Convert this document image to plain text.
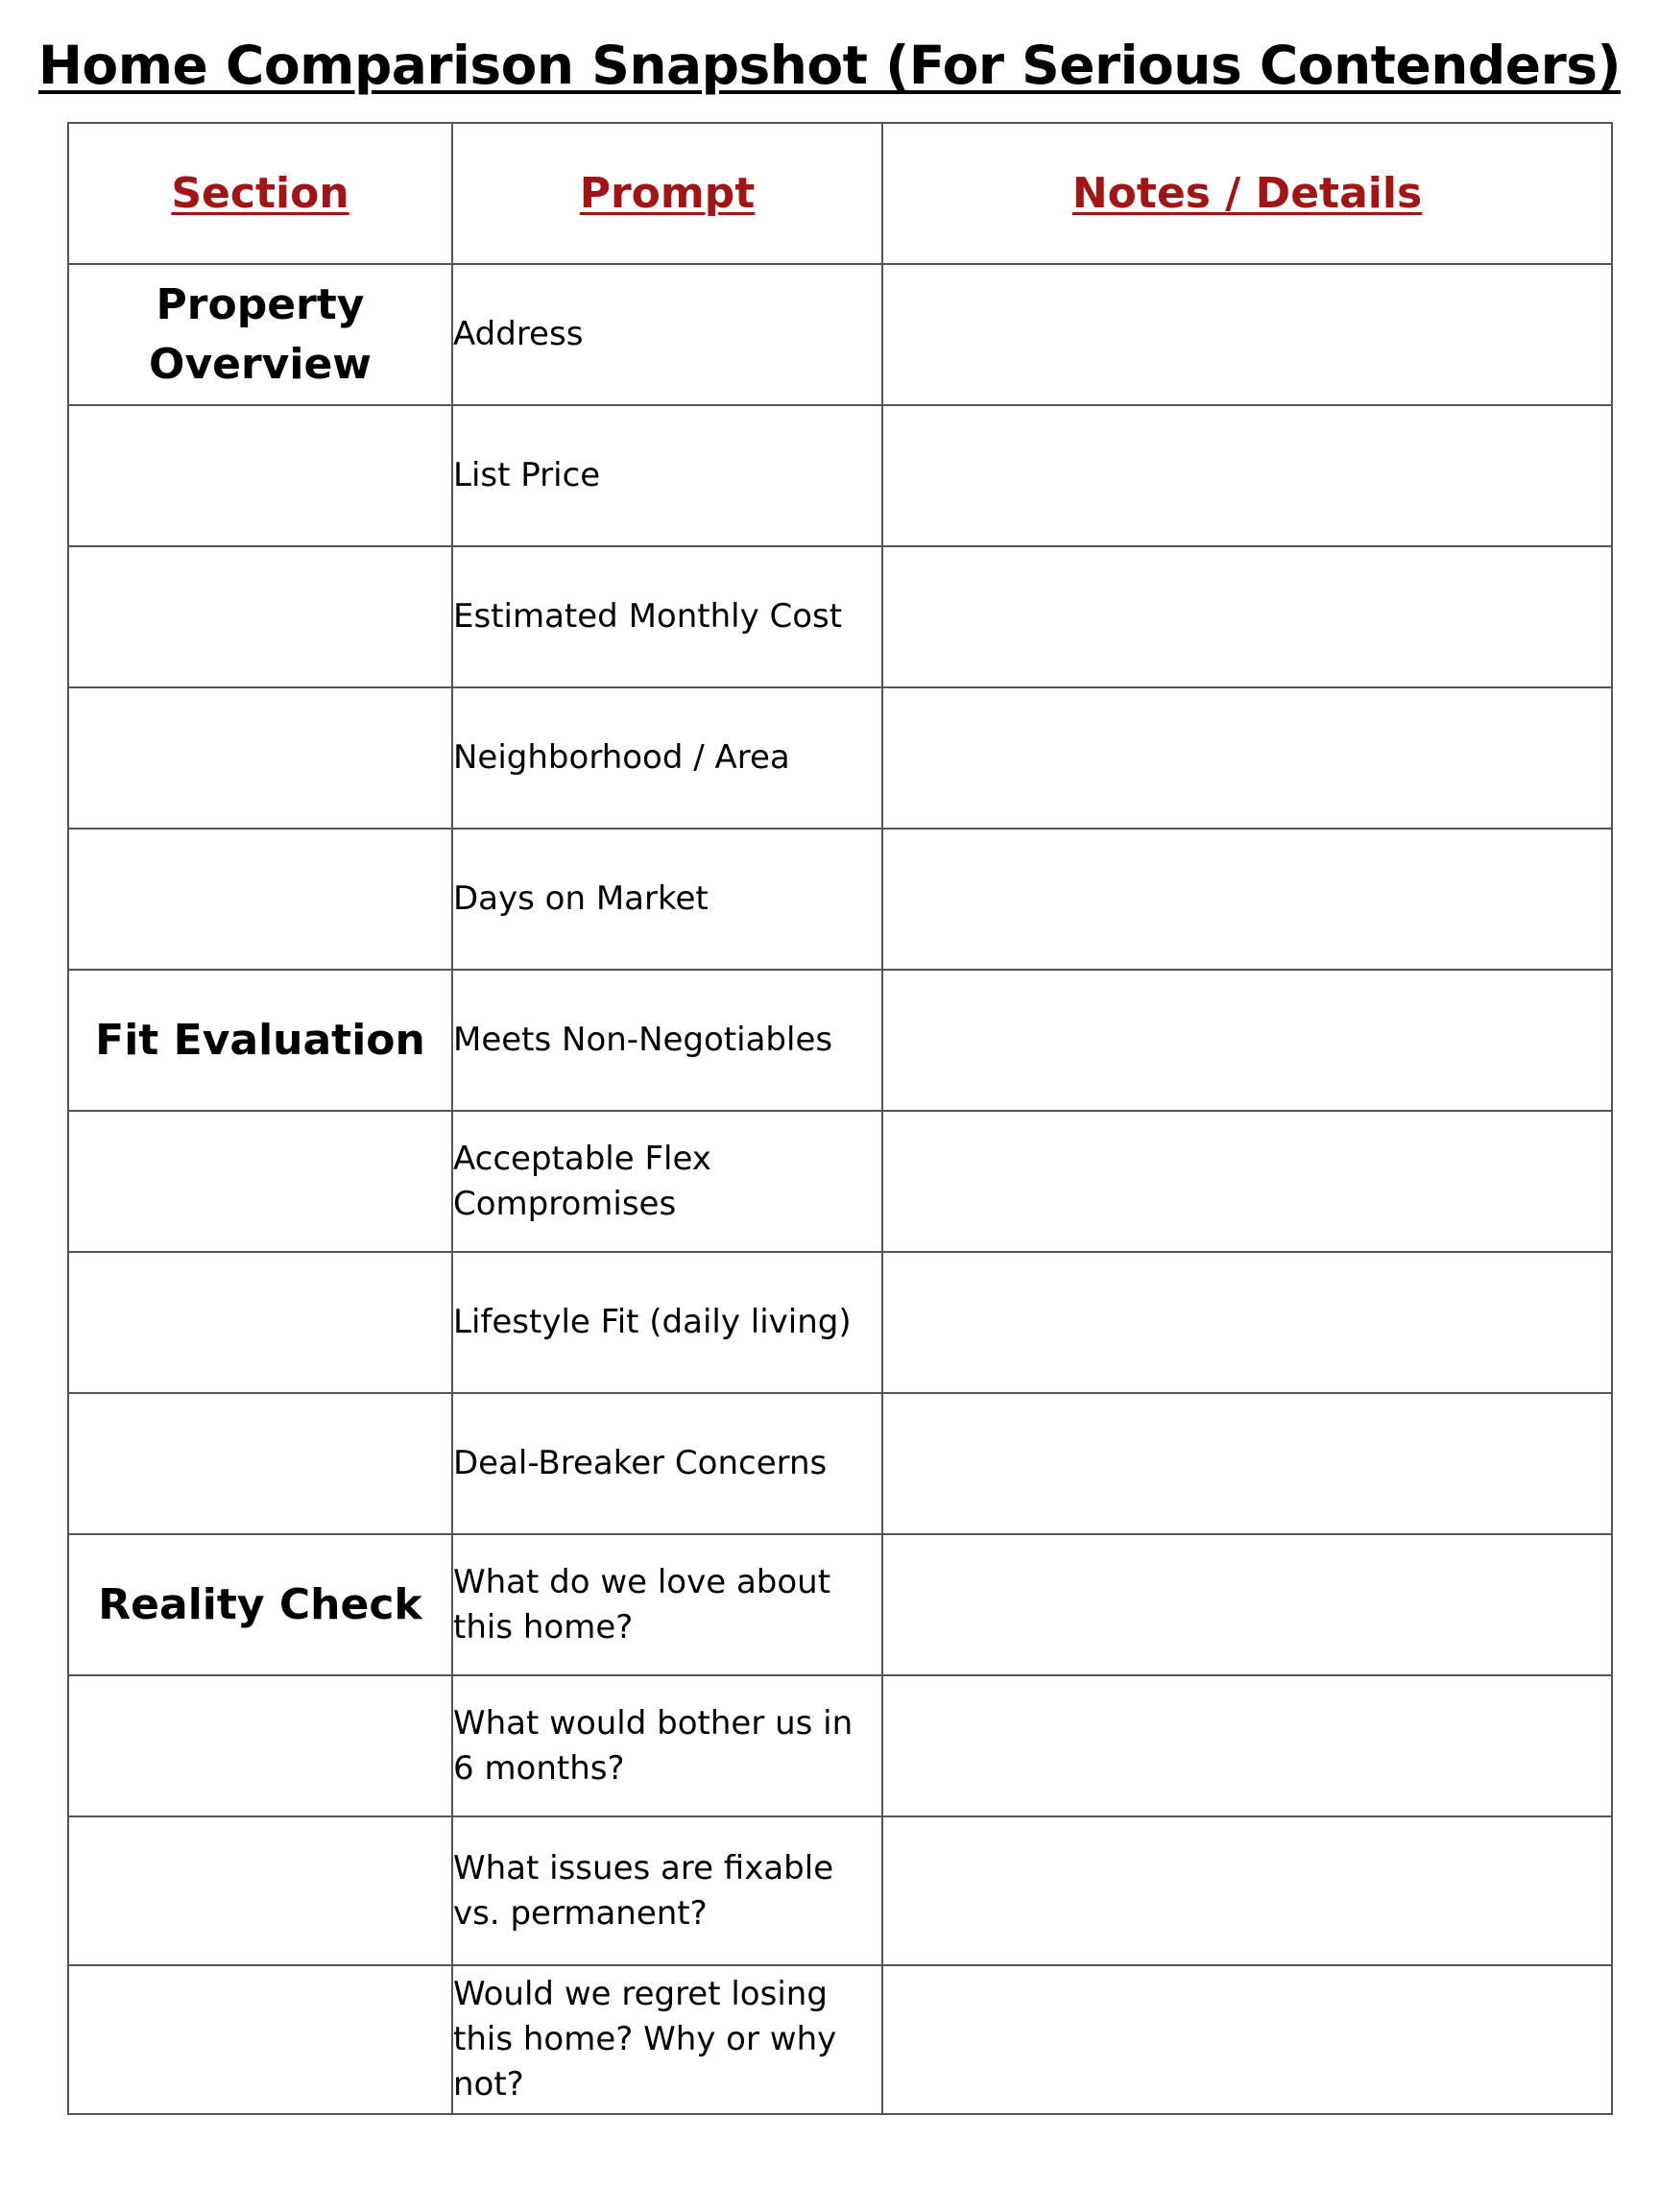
Home Comparison Snapshot (For Serious Contenders)
Section	Prompt	Notes / Details
Property Overview	Address	
	List Price	
	Estimated Monthly Cost	
	Neighborhood / Area	
	Days on Market	
Fit Evaluation	Meets Non-Negotiables	
	Acceptable Flex Compromises	
	Lifestyle Fit (daily living)	
	Deal-Breaker Concerns	
Reality Check	What do we love about this home?	
	What would bother us in 6 months?	
	What issues are fixable vs. permanent?	
	Would we regret losing this home? Why or why not?	
